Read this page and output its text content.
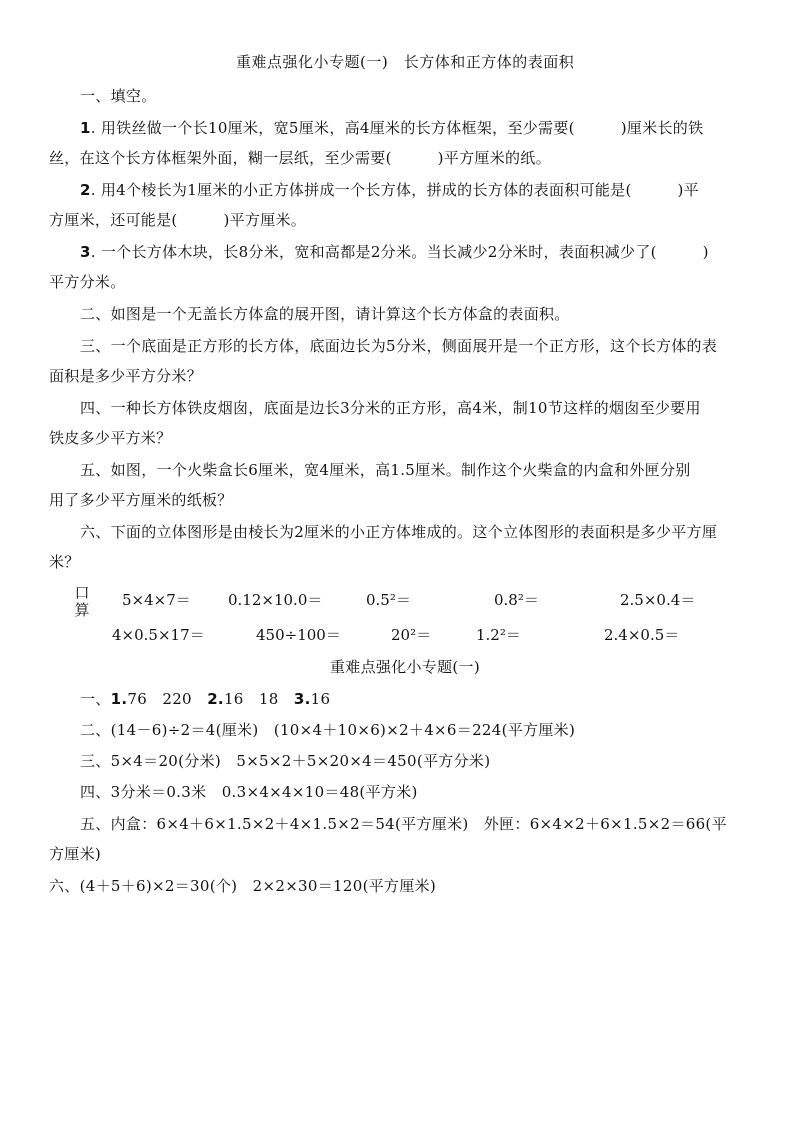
重难点强化小专题(一)　长方体和正方体的表面积
一、填空。
1. 用铁丝做一个长10厘米，宽5厘米，高4厘米的长方体框架，至少需要(　　　)厘米长的铁
丝，在这个长方体框架外面，糊一层纸，至少需要(　　　)平方厘米的纸。
2. 用4个棱长为1厘米的小正方体拼成一个长方体，拼成的长方体的表面积可能是(　　　)平
方厘米，还可能是(　　　)平方厘米。
3. 一个长方体木块，长8分米，宽和高都是2分米。当长减少2分米时，表面积减少了(　　　)
平方分米。
二、如图是一个无盖长方体盒的展开图，请计算这个长方体盒的表面积。
三、一个底面是正方形的长方体，底面边长为5分米，侧面展开是一个正方形，这个长方体的表
面积是多少平方分米？
四、一种长方体铁皮烟囱，底面是边长3分米的正方形，高4米，制10节这样的烟囱至少要用
铁皮多少平方米？
五、如图，一个火柴盒长6厘米，宽4厘米，高1.5厘米。制作这个火柴盒的内盒和外匣分别
用了多少平方厘米的纸板？
六、下面的立体图形是由棱长为2厘米的小正方体堆成的。这个立体图形的表面积是多少平方厘
米？
口
算
5×4×7＝ 0.12×10.0＝	0.5²＝	0.8²＝	2.5×0.4＝
4×0.5×17＝	450÷100＝	20²＝	1.2²＝	2.4×0.5＝
重难点强化小专题(一)
一、1.76　220　2.16　18　3.16
二、(14－6)÷2＝4(厘米)　(10×4＋10×6)×2＋4×6＝224(平方厘米)
三、5×4＝20(分米)　5×5×2＋5×20×4＝450(平方分米)
四、3分米＝0.3米　0.3×4×4×10＝48(平方米)
五、内盒：6×4＋6×1.5×2＋4×1.5×2＝54(平方厘米)　外匣：6×4×2＋6×1.5×2＝66(平
方厘米)
六、(4＋5＋6)×2＝30(个)　2×2×30＝120(平方厘米)
